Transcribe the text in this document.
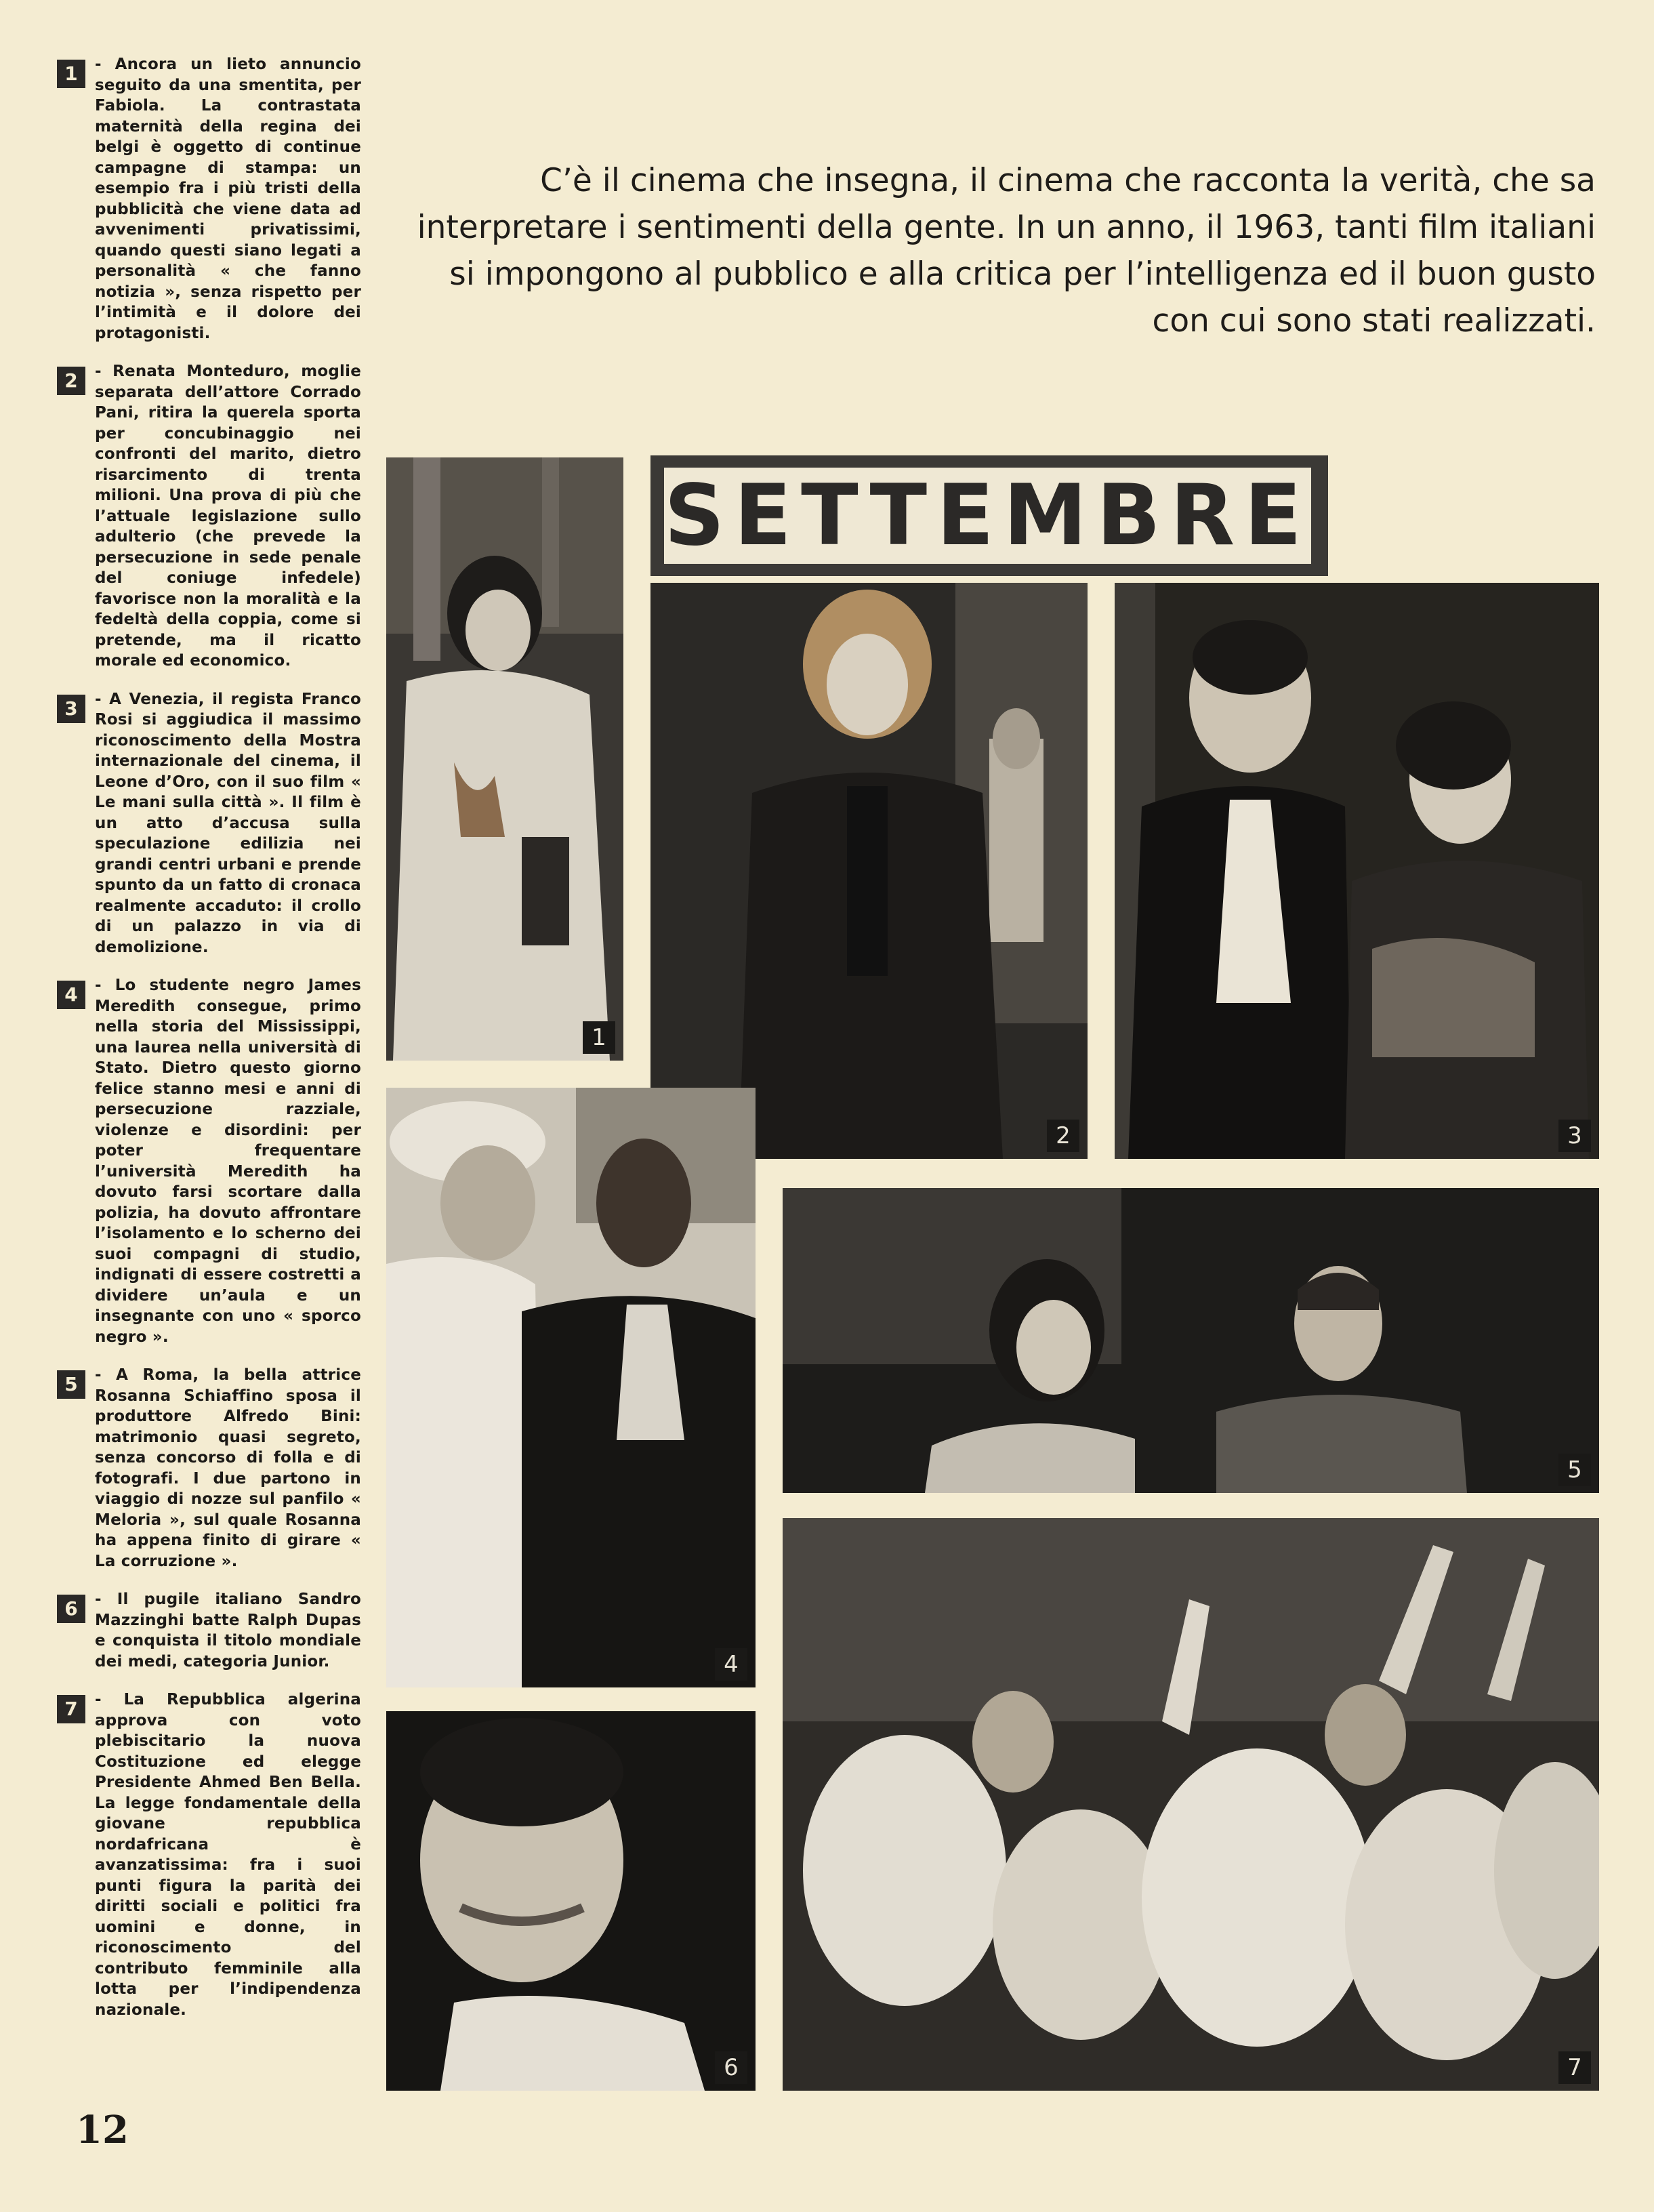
1	- Ancora un lieto annuncio seguito da una smentita, per Fabiola. La contrastata maternità della regina dei belgi è oggetto di continue campagne di stampa: un esempio fra i più tristi della pubblicità che viene data ad avvenimenti privatissimi, quando questi siano legati a personalità « che fanno notizia », senza rispetto per l’intimità e il dolore dei protagonisti.
2	- Renata Monteduro, moglie separata dell’attore Corrado Pani, ritira la querela sporta per concubinaggio nei confronti del marito, dietro risarcimento di trenta milioni. Una prova di più che l’attuale legislazione sullo adulterio (che prevede la persecuzione in sede penale del coniuge infedele) favorisce non la moralità e la fedeltà della coppia, come si pretende, ma il ricatto morale ed economico.
3	- A Venezia, il regista Franco Rosi si aggiudica il massimo riconoscimento della Mostra internazionale del cinema, il Leone d’Oro, con il suo film « Le mani sulla città ». Il film è un atto d’accusa sulla speculazione edilizia nei grandi centri urbani e prende spunto da un fatto di cronaca realmente accaduto: il crollo di un palazzo in via di demolizione.
4	- Lo studente negro James Meredith consegue, primo nella storia del Mississippi, una laurea nella università di Stato. Dietro questo giorno felice stanno mesi e anni di persecuzione razziale, violenze e disordini: per poter frequentare l’università Meredith ha dovuto farsi scortare dalla polizia, ha dovuto affrontare l’isolamento e lo scherno dei suoi compagni di studio, indignati di essere costretti a dividere un’aula e un insegnante con uno « sporco negro ».
5	- A Roma, la bella attrice Rosanna Schiaffino sposa il produttore Alfredo Bini: matrimonio quasi segreto, senza concorso di folla e di fotografi. I due partono in viaggio di nozze sul panfilo « Meloria », sul quale Rosanna ha appena finito di girare « La corruzione ».
6	- Il pugile italiano Sandro Mazzinghi batte Ralph Dupas e conquista il titolo mondiale dei medi, categoria Junior.
7	- La Repubblica algerina approva con voto plebiscitario la nuova Costituzione ed elegge Presidente Ahmed Ben Bella. La legge fondamentale della giovane repubblica nordafricana è avanzatissima: fra i suoi punti figura la parità dei diritti sociali e politici fra uomini e donne, in riconoscimento del contributo femminile alla lotta per l’indipendenza nazionale.
12
C’è il cinema che insegna, il cinema che racconta la verità, che sa interpretare i sentimenti della gente. In un anno, il 1963, tanti film italiani si impongono al pubblico e alla critica per l’intelligenza ed il buon gusto con cui sono stati realizzati.
1
SETTEMBRE
2	3
4
5
6	7
